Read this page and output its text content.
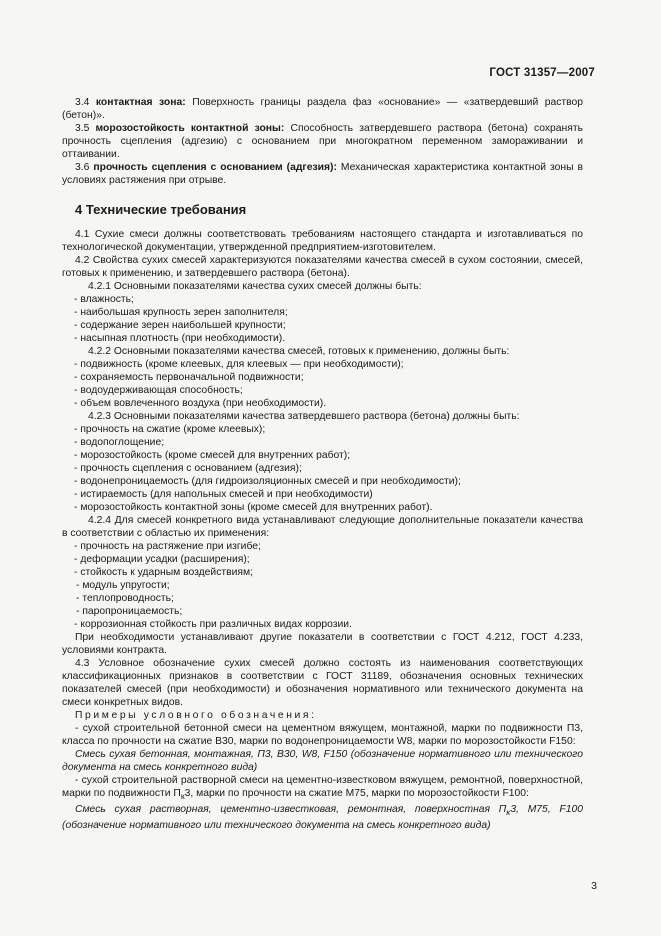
ГОСТ 31357—2007

3.4 контактная зона: Поверхность границы раздела фаз «основание» — «затвердевший раствор (бетон)».

3.5 морозостойкость контактной зоны: Способность затвердевшего раствора (бетона) сохранять прочность сцепления (адгезию) с основанием при многократном переменном замораживании и оттаивании.

3.6 прочность сцепления с основанием (адгезия): Механическая характеристика контактной зоны в условиях растяжения при отрыве.

4 Технические требования

4.1 Сухие смеси должны соответствовать требованиям настоящего стандарта и изготавливаться по технологической документации, утвержденной предприятием-изготовителем.

4.2 Свойства сухих смесей характеризуются показателями качества смесей в сухом состоянии, смесей, готовых к применению, и затвердевшего раствора (бетона).

4.2.1 Основными показателями качества сухих смесей должны быть:

- влажность;

- наибольшая крупность зерен заполнителя;

- содержание зерен наибольшей крупности;

- насыпная плотность (при необходимости).

4.2.2 Основными показателями качества смесей, готовых к применению, должны быть:

- подвижность (кроме клеевых, для клеевых — при необходимости);

- сохраняемость первоначальной подвижности;

- водоудерживающая способность;

- объем вовлеченного воздуха (при необходимости).

4.2.3 Основными показателями качества затвердевшего раствора (бетона) должны быть:

- прочность на сжатие (кроме клеевых);

- водопоглощение;

- морозостойкость (кроме смесей для внутренних работ);

- прочность сцепления с основанием (адгезия);

- водонепроницаемость (для гидроизоляционных смесей и при необходимости);

- истираемость (для напольных смесей и при необходимости)

- морозостойкость контактной зоны (кроме смесей для внутренних работ).

4.2.4 Для смесей конкретного вида устанавливают следующие дополнительные показатели качества в соответствии с областью их применения:

- прочность на растяжение при изгибе;

- деформации усадки (расширения);

- стойкость к ударным воздействиям;

- модуль упругости;

- теплопроводность;

- паропроницаемость;

- коррозионная стойкость при различных видах коррозии.

При необходимости устанавливают другие показатели в соответствии с ГОСТ 4.212, ГОСТ 4.233, условиями контракта.

4.3 Условное обозначение сухих смесей должно состоять из наименования соответствующих классификационных признаков в соответствии с ГОСТ 31189, обозначения основных технических показателей смесей (при необходимости) и обозначения нормативного или технического документа на смеси конкретных видов.

Примеры условного обозначения:

- сухой строительной бетонной смеси на цементном вяжущем, монтажной, марки по подвижности П3, класса по прочности на сжатие В30, марки по водонепроницаемости W8, марки по морозостойкости F150:

Смесь сухая бетонная, монтажная, П3, В30, W8, F150 (обозначение нормативного или технического документа на смесь конкретного вида)

- сухой строительной растворной смеси на цементно-известковом вяжущем, ремонтной, поверхностной, марки по подвижности $П_к3$, марки по прочности на сжатие М75, марки по морозостойкости F100:

Смесь сухая растворная, цементно-известковая, ремонтная, поверхностная $П_к3$, M75, F100 (обозначение нормативного или технического документа на смесь конкретного вида)

3
